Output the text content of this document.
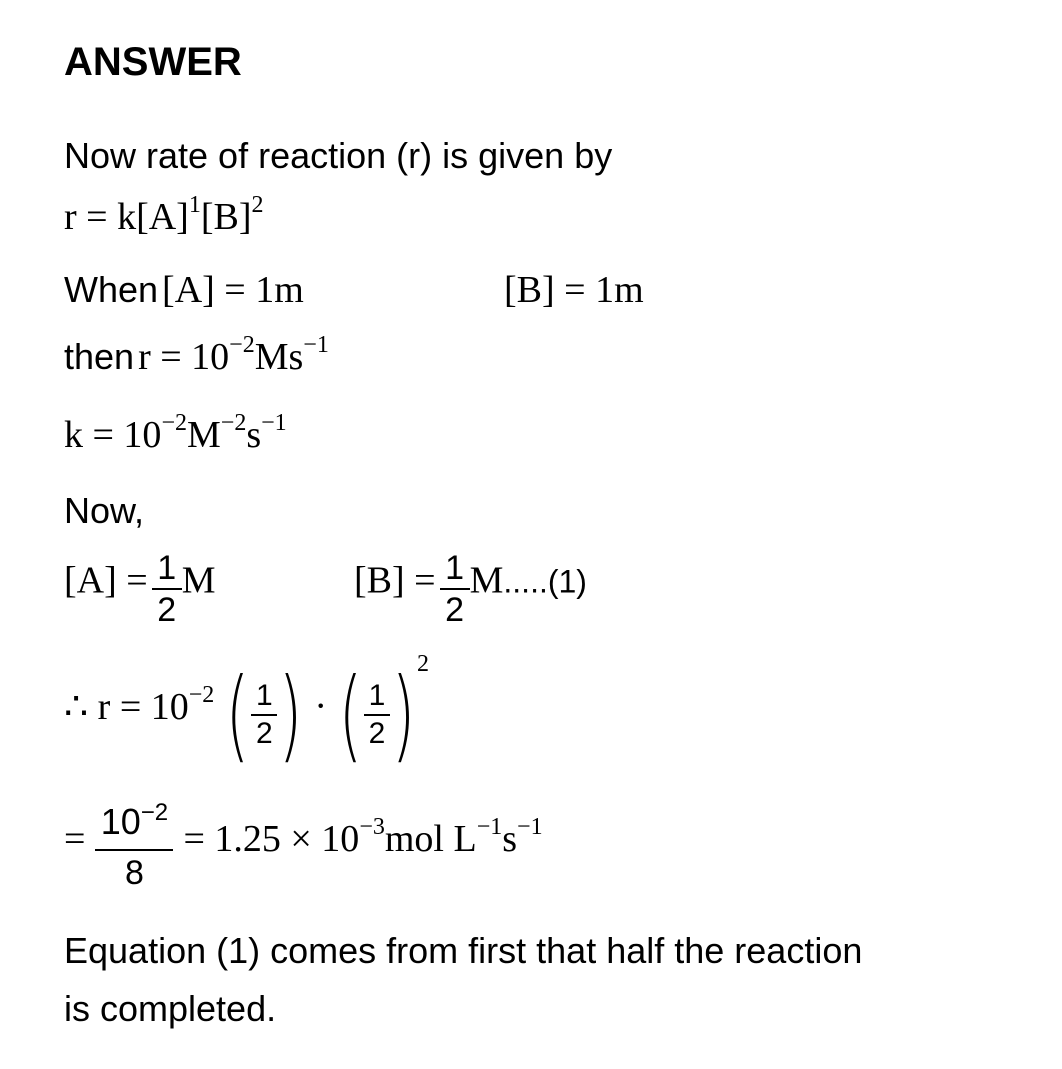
ANSWER
Now rate of reaction (r) is given by
$r = k[A]^1[B]^2$
When [A] = 1m	[B] = 1m
then $r = 10^{-2}Ms^{-1}$
$k = 10^{-2}M^{-2}s^{-1}$
Now,
$[A] = \frac{1}{2}$ M	$[B] = \frac{1}{2} M.....(1)$
∴ $r = 10^{-2}$ ( $\frac{1}{2}$ ) · ( $\frac{1}{2} )2$
= $\frac{10^{-2}}{8} = 1.25 \times 10^{-3}mol$ $L^{-1}s^{-1}$
Equation (1) comes from first that half the reaction
is completed.
